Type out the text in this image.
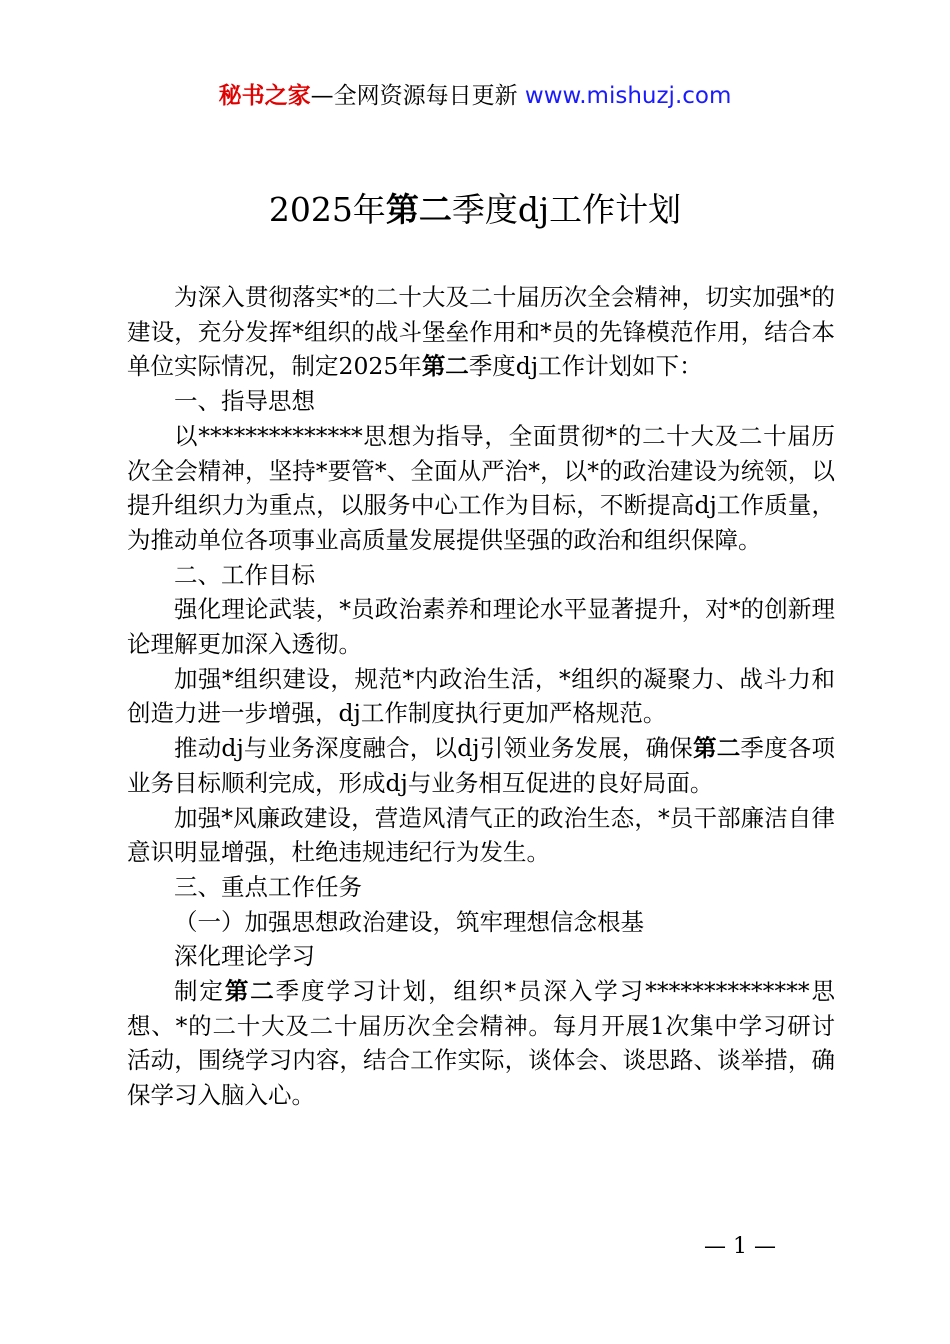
秘书之家—全网资源每日更新 www.mishuzj.com
2025年第二季度dj工作计划

为深入贯彻落实*的二十大及二十届历次全会精神，切实加强*的建设，充分发挥*组织的战斗堡垒作用和*员的先锋模范作用，结合本单位实际情况，制定2025年第二季度dj工作计划如下：

一、指导思想

以**************思想为指导，全面贯彻*的二十大及二十届历次全会精神，坚持*要管*、全面从严治*，以*的政治建设为统领，以提升组织力为重点，以服务中心工作为目标，不断提高dj工作质量，为推动单位各项事业高质量发展提供坚强的政治和组织保障。

二、工作目标

强化理论武装，*员政治素养和理论水平显著提升，对*的创新理论理解更加深入透彻。

加强*组织建设，规范*内政治生活，*组织的凝聚力、战斗力和创造力进一步增强，dj工作制度执行更加严格规范。

推动dj与业务深度融合，以dj引领业务发展，确保第二季度各项业务目标顺利完成，形成dj与业务相互促进的良好局面。

加强*风廉政建设，营造风清气正的政治生态，*员干部廉洁自律意识明显增强，杜绝违规违纪行为发生。

三、重点工作任务

（一）加强思想政治建设，筑牢理想信念根基

深化理论学习

制定第二季度学习计划，组织*员深入学习**************思想、*的二十大及二十届历次全会精神。每月开展1次集中学习研讨活动，围绕学习内容，结合工作实际，谈体会、谈思路、谈举措，确保学习入脑入心。

— 1 —
